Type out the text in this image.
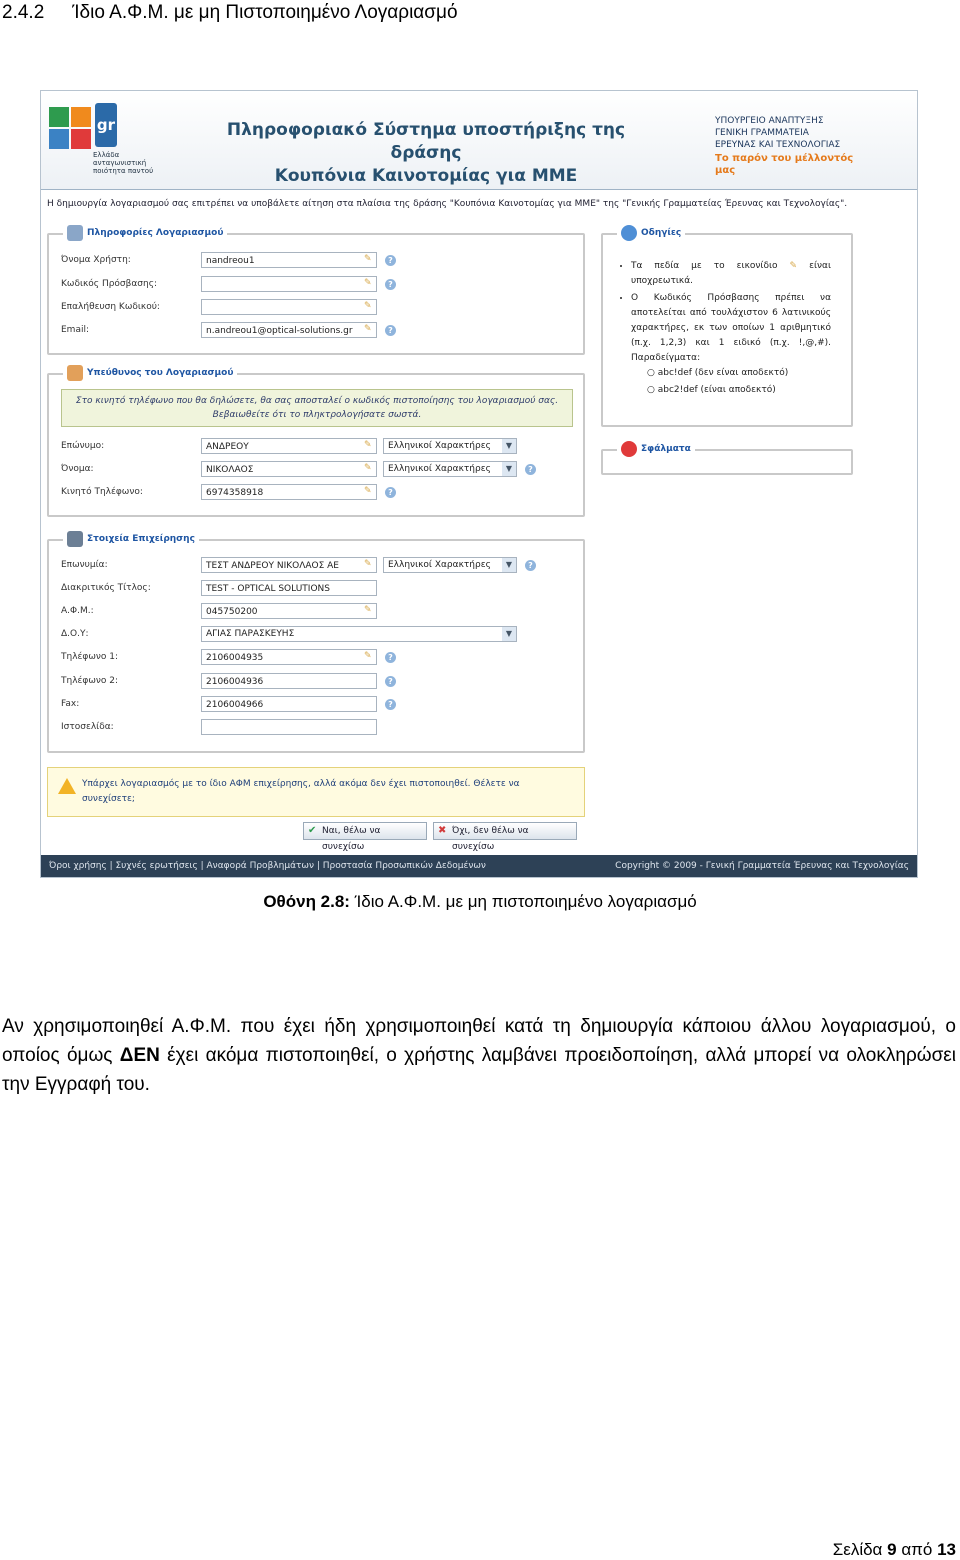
2.4.2 Ίδιο Α.Φ.Μ. με μη Πιστοποιημένο Λογαριασμό
gr
Ελλάδα ανταγωνιστική ποιότητα παντού
Πληροφοριακό Σύστημα υποστήριξης της δράσης
Κουπόνια Καινοτομίας για ΜΜΕ
ΥΠΟΥΡΓΕΙΟ ΑΝΑΠΤΥΞΗΣ
ΓΕΝΙΚΗ ΓΡΑΜΜΑΤΕΙΑ
ΕΡΕΥΝΑΣ ΚΑΙ ΤΕΧΝΟΛΟΓΙΑΣ
Το παρόν του μέλλοντός μας
Η δημιουργία λογαριασμού σας επιτρέπει να υποβάλετε αίτηση στα πλαίσια της δράσης "Κουπόνια Καινοτομίας για ΜΜΕ" της "Γενικής Γραμματείας Έρευνας και Τεχνολογίας".
Πληροφορίες Λογαριασμού
Όνομα Χρήστη:	nandreou1	✎	?
Κωδικός Πρόσβασης:	✎	?
Επαλήθευση Κωδικού:	✎
Email:	n.andreou1@optical-solutions.gr ✎	?
Υπεύθυνος του Λογαριασμού
Στο κινητό τηλέφωνο που θα δηλώσετε, θα σας αποσταλεί ο κωδικός πιστοποίησης του λογαριασμού σας.
Βεβαιωθείτε ότι το πληκτρολογήσατε σωστά.
Επώνυμο:	ΑΝΔΡΕΟΥ	✎	Ελληνικοί Χαρακτήρες	▼
Όνομα:	ΝΙΚΟΛΑΟΣ	✎	Ελληνικοί Χαρακτήρες	▼	?
Κινητό Τηλέφωνο:	6974358918	✎	?
Στοιχεία Επιχείρησης
Επωνυμία:	ΤΕΣΤ ΑΝΔΡΕΟΥ ΝΙΚΟΛΑΟΣ ΑΕ	✎	Ελληνικοί Χαρακτήρες	▼	?
Διακριτικός Τίτλος:	TEST - OPTICAL SOLUTIONS
Α.Φ.Μ.:	045750200	✎
Δ.Ο.Υ:	ΑΓΙΑΣ ΠΑΡΑΣΚΕΥΗΣ	▼
Τηλέφωνο 1:	2106004935	✎	?
Τηλέφωνο 2:	2106004936	?
Fax:	2106004966	?
Ιστοσελίδα:
Οδηγίες
• Τα πεδία με το εικονίδιο ✎ είναι υποχρεωτικά.
• Ο Κωδικός Πρόσβασης πρέπει να αποτελείται από τουλάχιστον 6 λατινικούς χαρακτήρες, εκ των οποίων 1 αριθμητικό (π.χ. 1,2,3) και 1 ειδικό (π.χ. !,@,#). Παραδείγματα:
○ abc!def (δεν είναι αποδεκτό)
○ abc2!def (είναι αποδεκτό)
Σφάλματα
Υπάρχει λογαριασμός με το ίδιο ΑΦΜ επιχείρησης, αλλά ακόμα δεν έχει πιστοποιηθεί. Θέλετε να συνεχίσετε;
✔ Ναι, θέλω να συνεχίσω
✖ Όχι, δεν θέλω να συνεχίσω
Όροι χρήσης | Συχνές ερωτήσεις | Αναφορά Προβλημάτων | Προστασία Προσωπικών Δεδομένων	Copyright © 2009 - Γενική Γραμματεία Έρευνας και Τεχνολογίας
Οθόνη 2.8: Ίδιο Α.Φ.Μ. με μη πιστοποιημένο λογαριασμό
Αν χρησιμοποιηθεί Α.Φ.Μ. που έχει ήδη χρησιμοποιηθεί κατά τη δημιουργία κάποιου άλλου λογαριασμού, ο οποίος όμως ΔΕΝ έχει ακόμα πιστοποιηθεί, ο χρήστης λαμβάνει προειδοποίηση, αλλά μπορεί να ολοκληρώσει την Εγγραφή του.
Σελίδα 9 από 13
